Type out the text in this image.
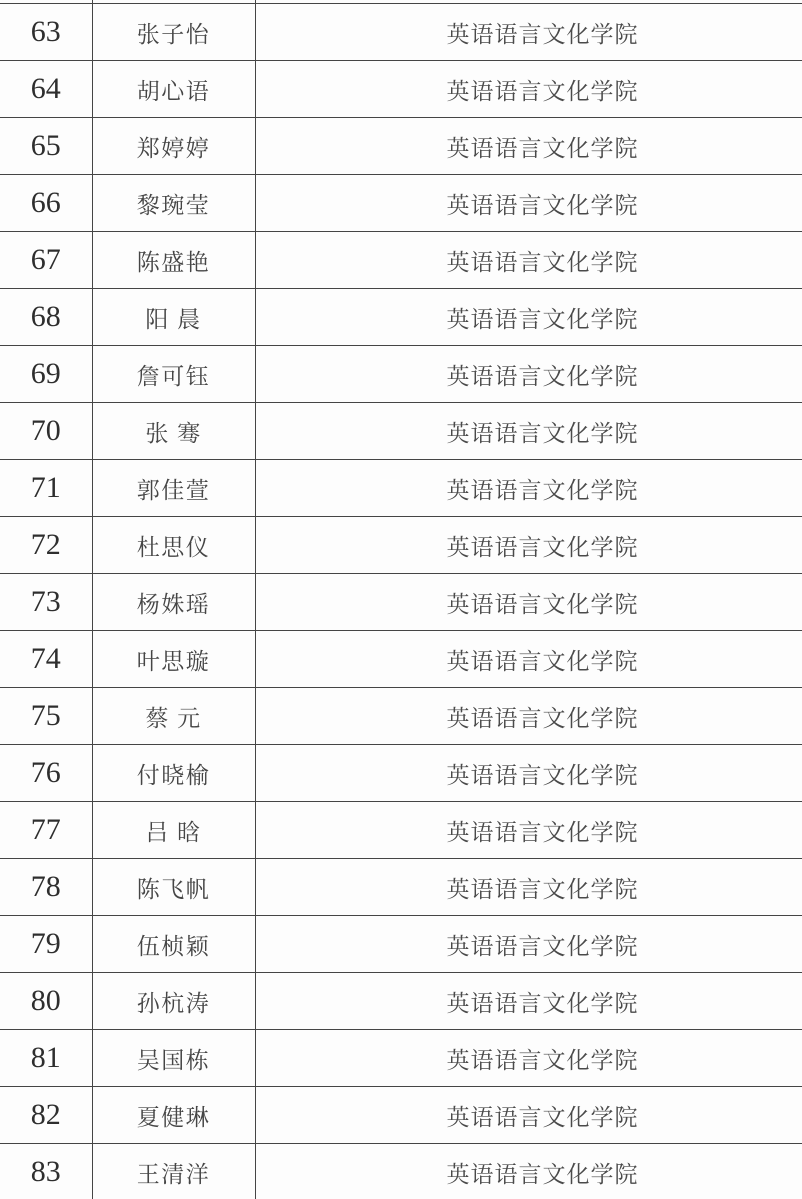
63	张子怡	英语语言文化学院
64	胡心语	英语语言文化学院
65	郑婷婷	英语语言文化学院
66	黎琬莹	英语语言文化学院
67	陈盛艳	英语语言文化学院
68	阳 晨	英语语言文化学院
69	詹可钰	英语语言文化学院
70	张 骞	英语语言文化学院
71	郭佳萱	英语语言文化学院
72	杜思仪	英语语言文化学院
73	杨姝瑶	英语语言文化学院
74	叶思璇	英语语言文化学院
75	蔡 元	英语语言文化学院
76	付晓榆	英语语言文化学院
77	吕 晗	英语语言文化学院
78	陈飞帆	英语语言文化学院
79	伍桢颖	英语语言文化学院
80	孙杭涛	英语语言文化学院
81	吴国栋	英语语言文化学院
82	夏健琳	英语语言文化学院
83	王清洋	英语语言文化学院
